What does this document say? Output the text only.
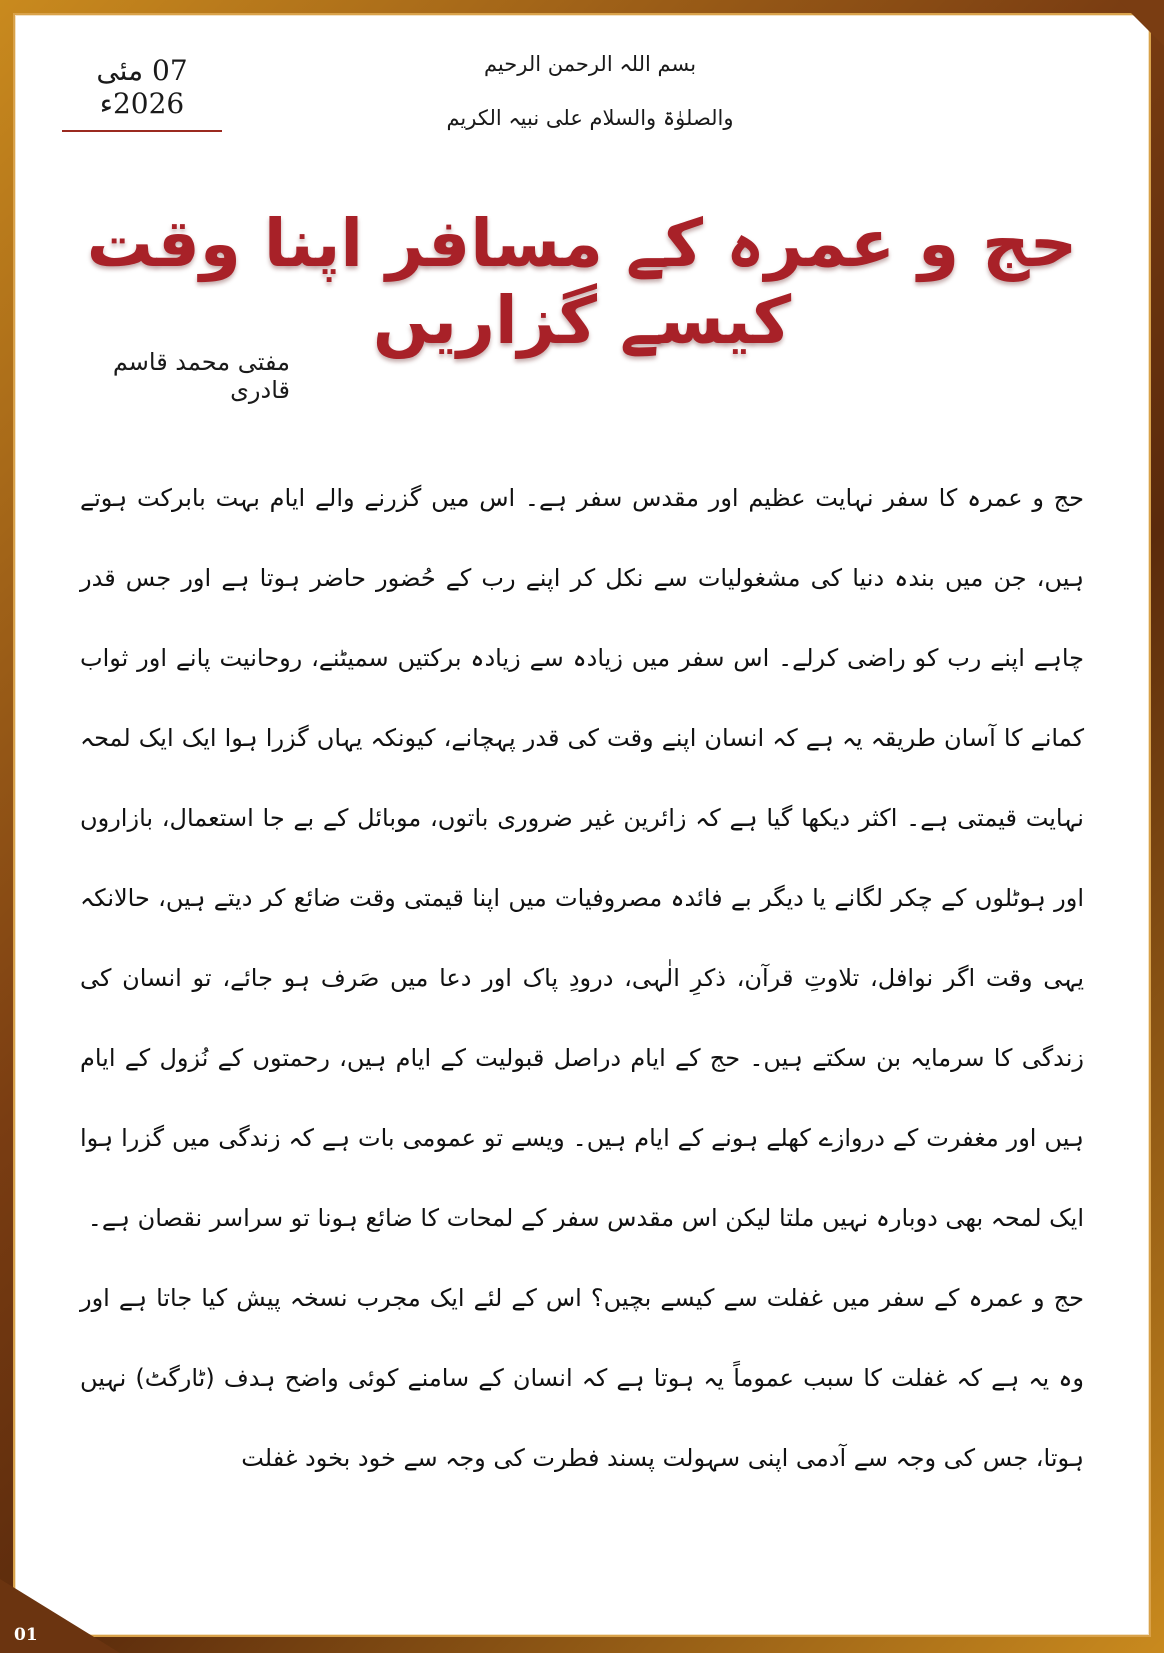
01
07 مئی 2026ء
بسم اللہ الرحمن الرحیم
والصلوٰۃ والسلام علی نبیہ الکریم
حج و عمرہ کے مسافر اپنا وقت کیسے گزاریں
مفتی محمد قاسم قادری

حج و عمرہ کا سفر نہایت عظیم اور مقدس سفر ہے۔ اس میں گزرنے والے ایام بہت بابرکت ہوتے ہیں، جن میں بندہ دنیا کی مشغولیات سے نکل کر اپنے رب کے حُضور حاضر ہوتا ہے اور جس قدر چاہے اپنے رب کو راضی کرلے۔ اس سفر میں زیادہ سے زیادہ برکتیں سمیٹنے، روحانیت پانے اور ثواب کمانے کا آسان طریقہ یہ ہے کہ انسان اپنے وقت کی قدر پہچانے، کیونکہ یہاں گزرا ہوا ایک ایک لمحہ نہایت قیمتی ہے۔ اکثر دیکھا گیا ہے کہ زائرین غیر ضروری باتوں، موبائل کے بے جا استعمال، بازاروں اور ہوٹلوں کے چکر لگانے یا دیگر بے فائدہ مصروفیات میں اپنا قیمتی وقت ضائع کر دیتے ہیں، حالانکہ یہی وقت اگر نوافل، تلاوتِ قرآن، ذکرِ الٰہی، درودِ پاک اور دعا میں صَرف ہو جائے، تو انسان کی زندگی کا سرمایہ بن سکتے ہیں۔ حج کے ایام دراصل قبولیت کے ایام ہیں، رحمتوں کے نُزول کے ایام ہیں اور مغفرت کے دروازے کھلے ہونے کے ایام ہیں۔ ویسے تو عمومی بات ہے کہ زندگی میں گزرا ہوا ایک لمحہ بھی دوبارہ نہیں ملتا لیکن اس مقدس سفر کے لمحات کا ضائع ہونا تو سراسر نقصان ہے۔

حج و عمرہ کے سفر میں غفلت سے کیسے بچیں؟ اس کے لئے ایک مجرب نسخہ پیش کیا جاتا ہے اور وہ یہ ہے کہ غفلت کا سبب عموماً یہ ہوتا ہے کہ انسان کے سامنے کوئی واضح ہدف (ٹارگٹ) نہیں ہوتا، جس کی وجہ سے آدمی اپنی سہولت پسند فطرت کی وجہ سے خود بخود غفلت
